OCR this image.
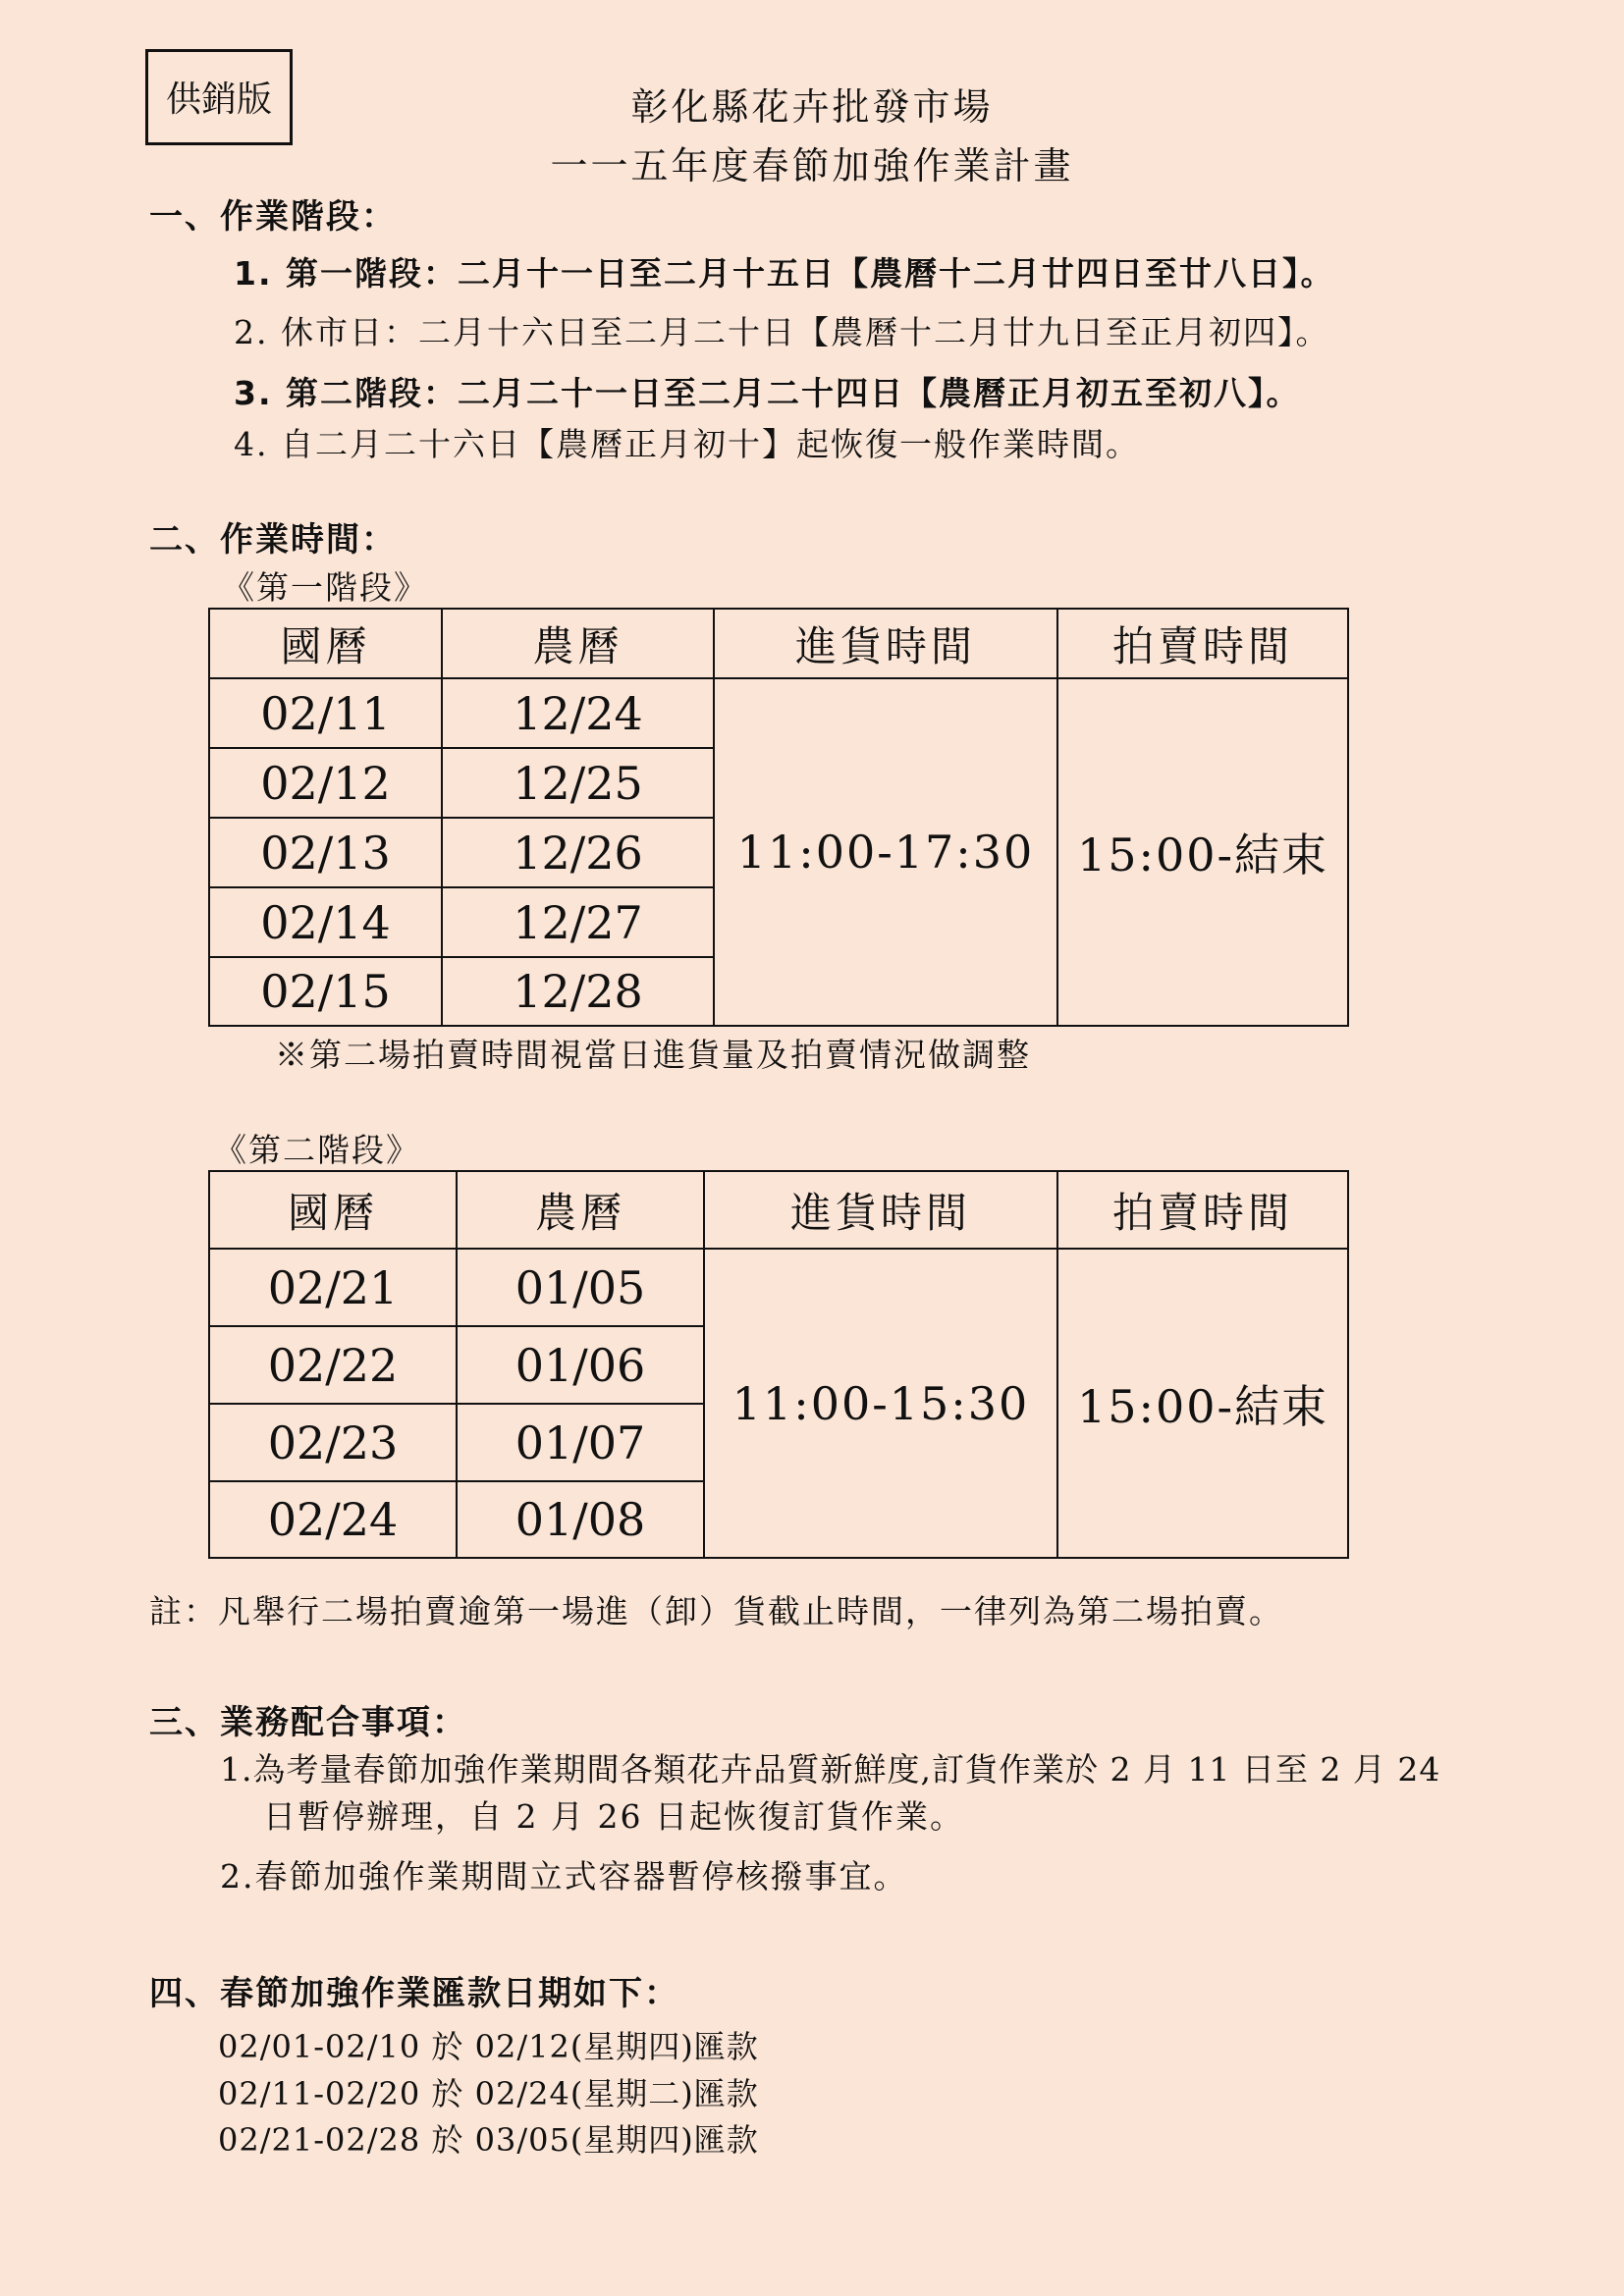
供銷版	彰化縣花卉批發市場
一一五年度春節加強作業計畫
一、作業階段：
1. 第一階段：二月十一日至二月十五日【農曆十二月廿四日至廿八日】。
2. 休市日：二月十六日至二月二十日【農曆十二月廿九日至正月初四】。
3. 第二階段：二月二十一日至二月二十四日【農曆正月初五至初八】。
4. 自二月二十六日【農曆正月初十】起恢復一般作業時間。
二、作業時間：
《第一階段》
國曆	農曆	進貨時間	拍賣時間
02/11	12/24	11:00-17:30	15:00-結束
02/12	12/25		
02/13	12/26		
02/14	12/27		
02/15	12/28		
※第二場拍賣時間視當日進貨量及拍賣情況做調整
《第二階段》
國曆	農曆	進貨時間	拍賣時間
02/21	01/05	11:00-15:30	15:00-結束
02/22	01/06		
02/23	01/07		
02/24	01/08		
註：凡舉行二場拍賣逾第一場進（卸）貨截止時間，一律列為第二場拍賣。
三、業務配合事項：
1.為考量春節加強作業期間各類花卉品質新鮮度,訂貨作業於 2 月 11 日至 2 月 24
日暫停辦理，自 2 月 26 日起恢復訂貨作業。
2.春節加強作業期間立式容器暫停核撥事宜。
四、春節加強作業匯款日期如下：
02/01-02/10 於 02/12(星期四)匯款
02/11-02/20 於 02/24(星期二)匯款
02/21-02/28 於 03/05(星期四)匯款
